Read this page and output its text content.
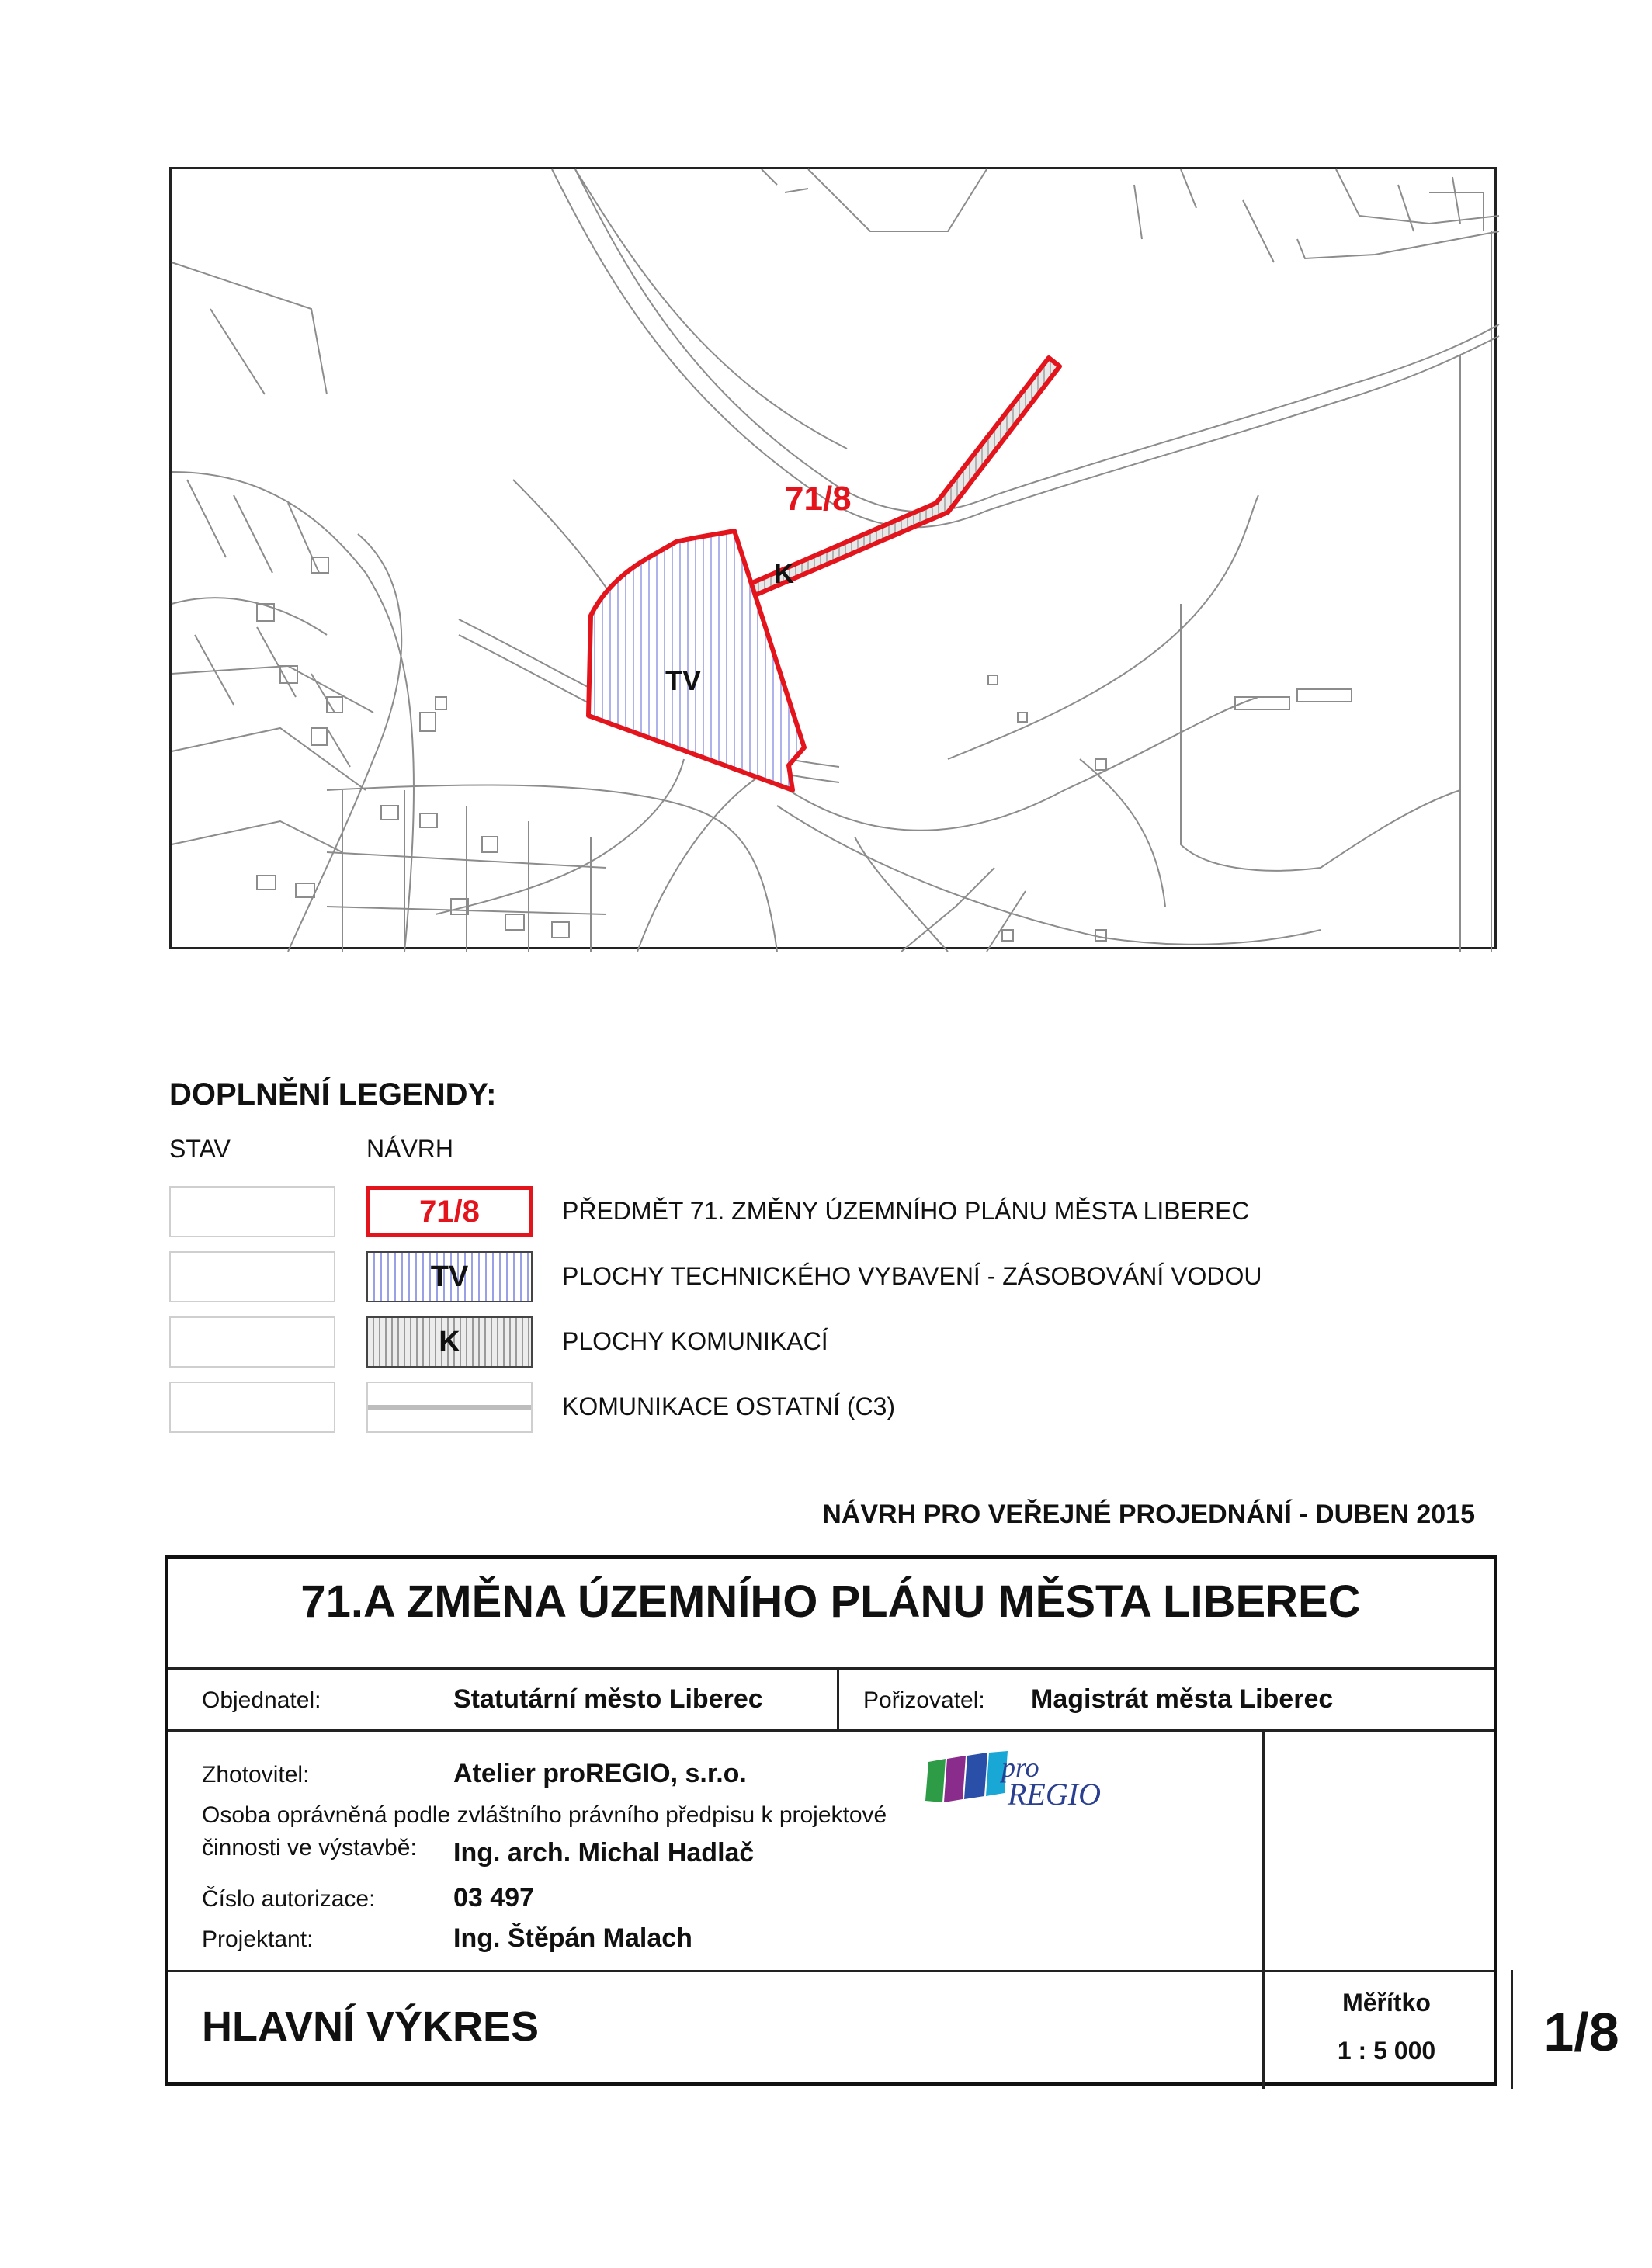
71/8
K
TV
DOPLNĚNÍ LEGENDY:
STAV	NÁVRH
71/8	PŘEDMĚT 71. ZMĚNY ÚZEMNÍHO PLÁNU MĚSTA LIBEREC
TV	PLOCHY TECHNICKÉHO VYBAVENÍ - ZÁSOBOVÁNÍ VODOU
K	PLOCHY KOMUNIKACÍ
KOMUNIKACE OSTATNÍ (C3)
NÁVRH PRO VEŘEJNÉ PROJEDNÁNÍ - DUBEN 2015
71.A ZMĚNA ÚZEMNÍHO PLÁNU MĚSTA LIBEREC
Objednatel:	Statutární město Liberec	Pořizovatel: Magistrát města Liberec
Zhotovitel:	Atelier proREGIO, s.r.o.
Osoba oprávněná podle zvláštního právního předpisu k projektové
činnosti ve výstavbě: Ing. arch. Michal Hadlač
Číslo autorizace:	03 497
Projektant:	Ing. Štěpán Malach
pro
REGIO
HLAVNÍ VÝKRES
Měřítko
1 : 5 000	1/8
